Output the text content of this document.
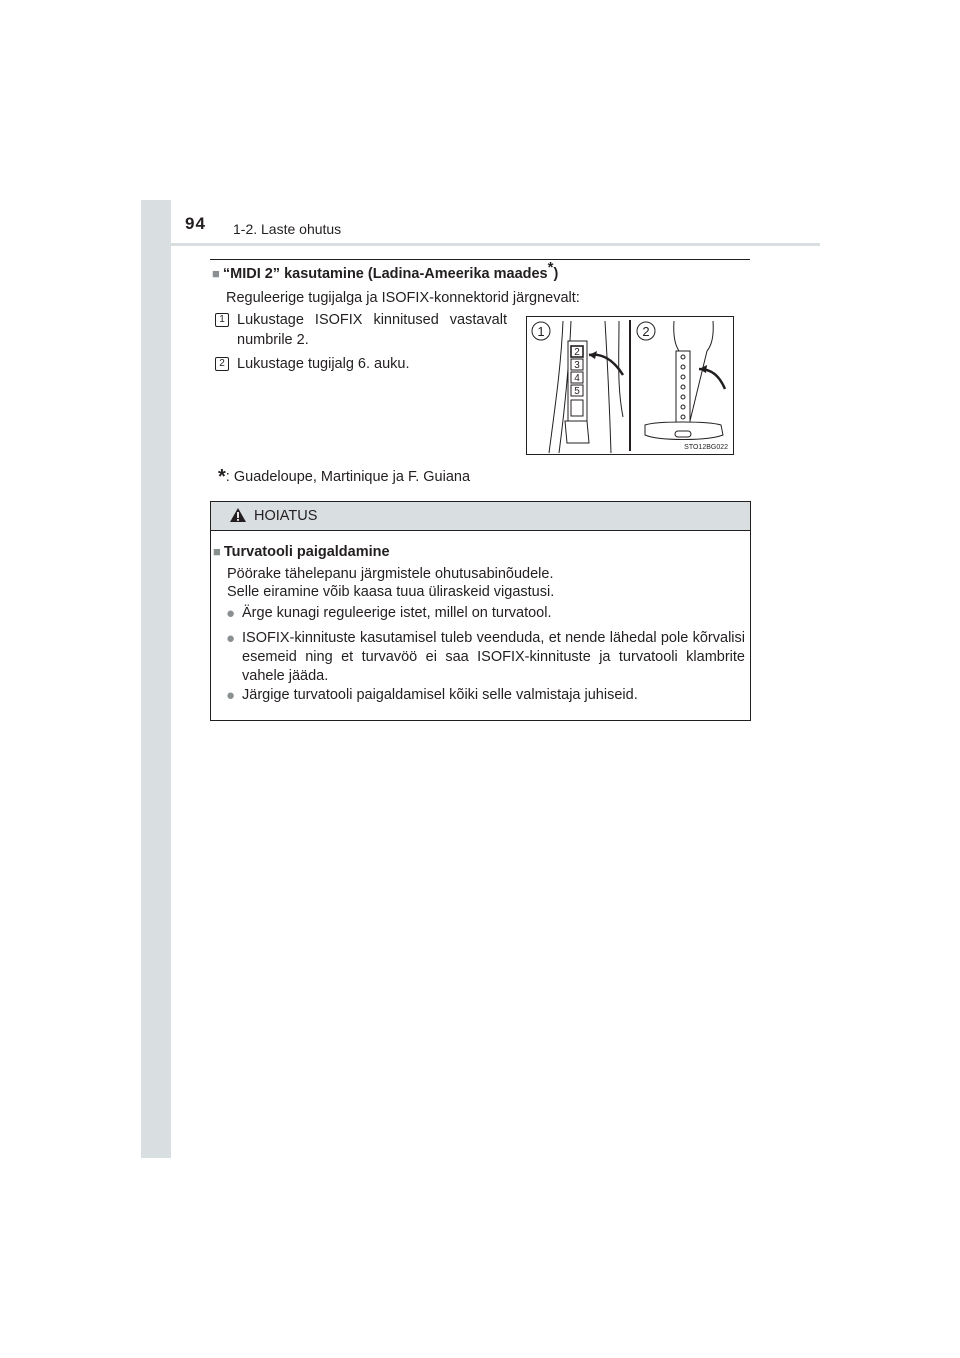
94 1-2. Laste ohutus
■ “MIDI 2” kasutamine (Ladina-Ameerika maades*)
Reguleerige tugijalga ja ISOFIX-konnektorid järgnevalt:
1 Lukustage ISOFIX kinnitused vastavalt numbrile 2.
2 Lukustage tugijalg 6. auku.
1
2
3
4
5
2
STO12BG022
*: Guadeloupe, Martinique ja F. Guiana
HOIATUS
■ Turvatooli paigaldamine
Pöörake tähelepanu järgmistele ohutusabinõudele.
Selle eiramine võib kaasa tuua üliraskeid vigastusi.
● Ärge kunagi reguleerige istet, millel on turvatool.
● ISOFIX-kinnituste kasutamisel tuleb veenduda, et nende lähedal pole kõrvalisi esemeid ning et turvavöö ei saa ISOFIX-kinnituste ja turvatooli klambrite vahele jääda.
● Järgige turvatooli paigaldamisel kõiki selle valmistaja juhiseid.
